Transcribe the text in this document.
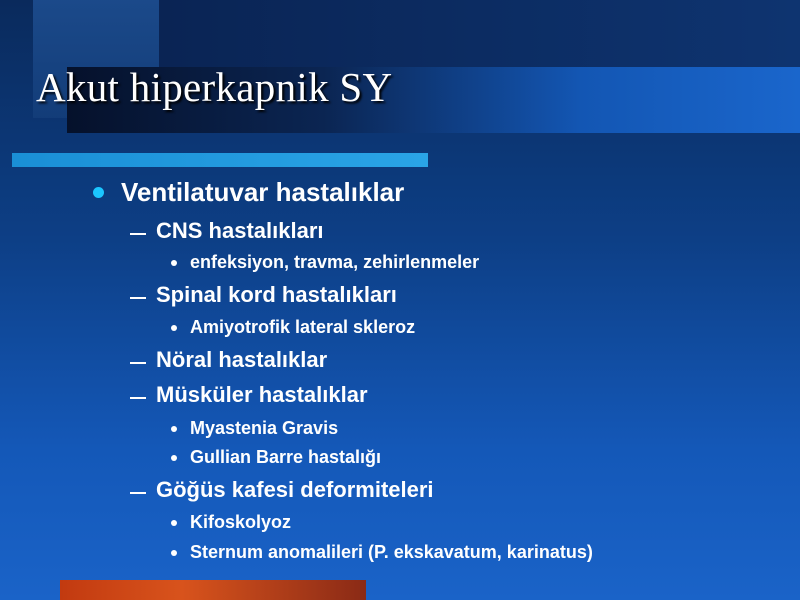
Akut hiperkapnik SY
Ventilatuvar hastalıklar
CNS hastalıkları
enfeksiyon, travma, zehirlenmeler
Spinal kord hastalıkları
Amiyotrofik lateral skleroz
Nöral hastalıklar
Müsküler hastalıklar
Myastenia Gravis
Gullian Barre hastalığı
Göğüs kafesi deformiteleri
Kifoskolyoz
Sternum anomalileri (P. ekskavatum, karinatus)
